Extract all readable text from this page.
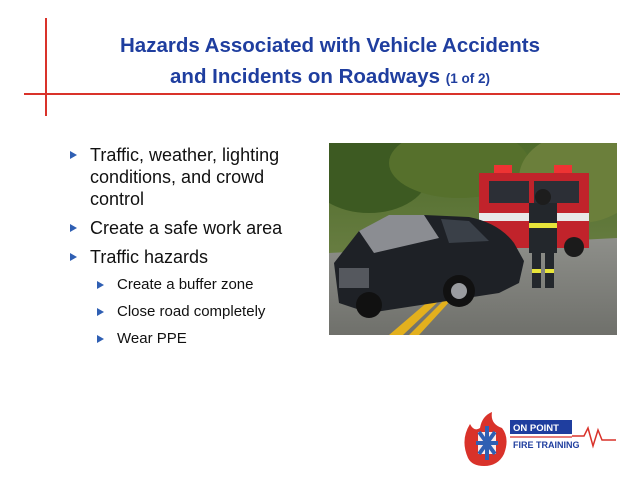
Hazards Associated with Vehicle Accidents
and Incidents on Roadways (1 of 2)
Traffic, weather, lighting conditions, and crowd control
Create a safe work area
Traffic hazards
Create a buffer zone
Close road completely
Wear PPE
ON POINT
FIRE TRAINING
